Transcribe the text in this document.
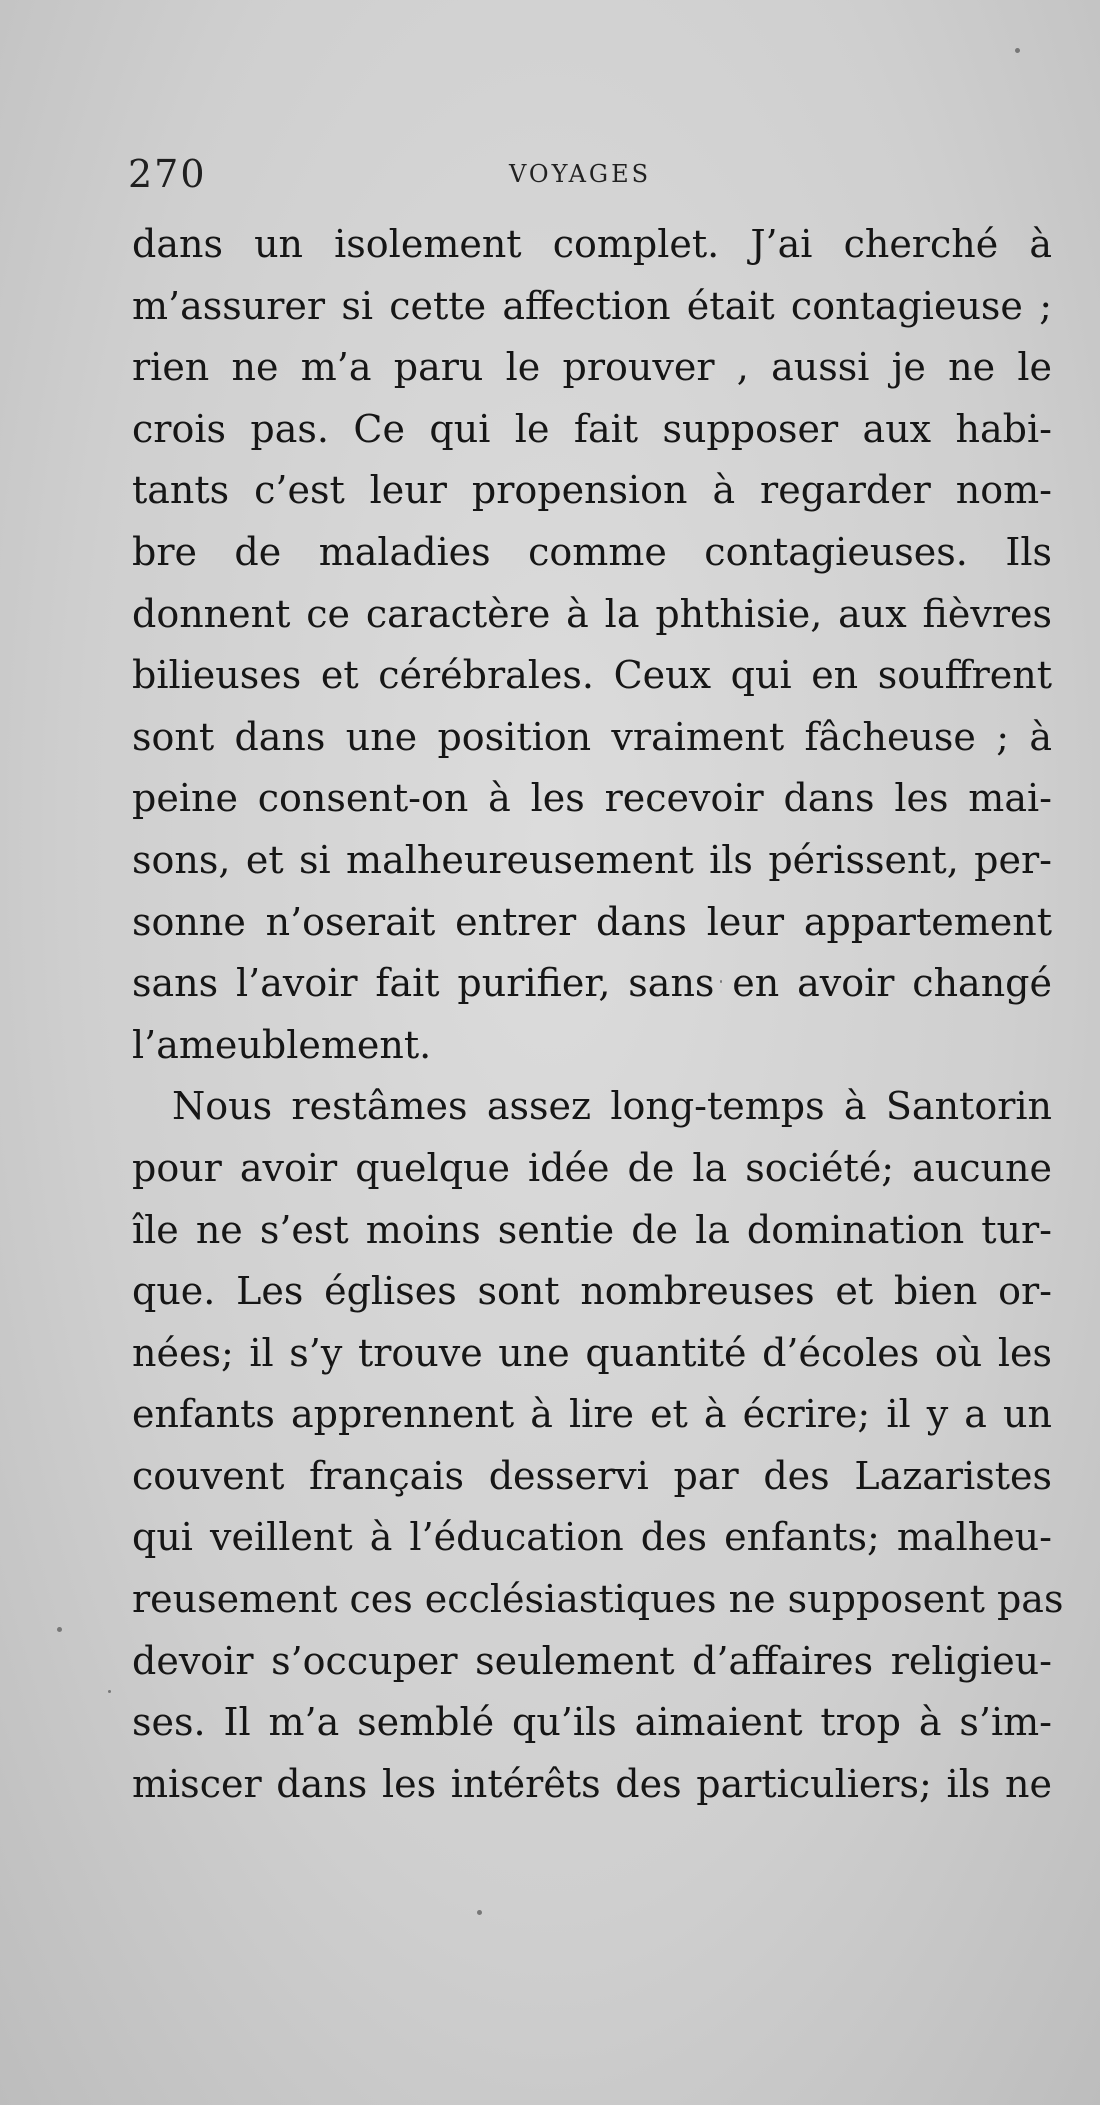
270	VOYAGES
dans un isolement complet. J’ai cherché à
m’assurer si cette affection était contagieuse ;
rien ne m’a paru le prouver , aussi je ne le
crois pas. Ce qui le fait supposer aux habi-
tants c’est leur propension à regarder nom-
bre de maladies comme contagieuses. Ils
donnent ce caractère à la phthisie, aux fièvres
bilieuses et cérébrales. Ceux qui en souffrent
sont dans une position vraiment fâcheuse ; à
peine consent-on à les recevoir dans les mai-
sons, et si malheureusement ils périssent, per-
sonne n’oserait entrer dans leur appartement
sans l’avoir fait purifier, sans en avoir changé
l’ameublement.
Nous restâmes assez long-temps à Santorin
pour avoir quelque idée de la société; aucune
île ne s’est moins sentie de la domination tur-
que. Les églises sont nombreuses et bien or-
nées; il s’y trouve une quantité d’écoles où les
enfants apprennent à lire et à écrire; il y a un
couvent français desservi par des Lazaristes
qui veillent à l’éducation des enfants; malheu-
reusement ces ecclésiastiques ne supposent pas
devoir s’occuper seulement d’affaires religieu-
ses. Il m’a semblé qu’ils aimaient trop à s’im-
miscer dans les intérêts des particuliers; ils ne
